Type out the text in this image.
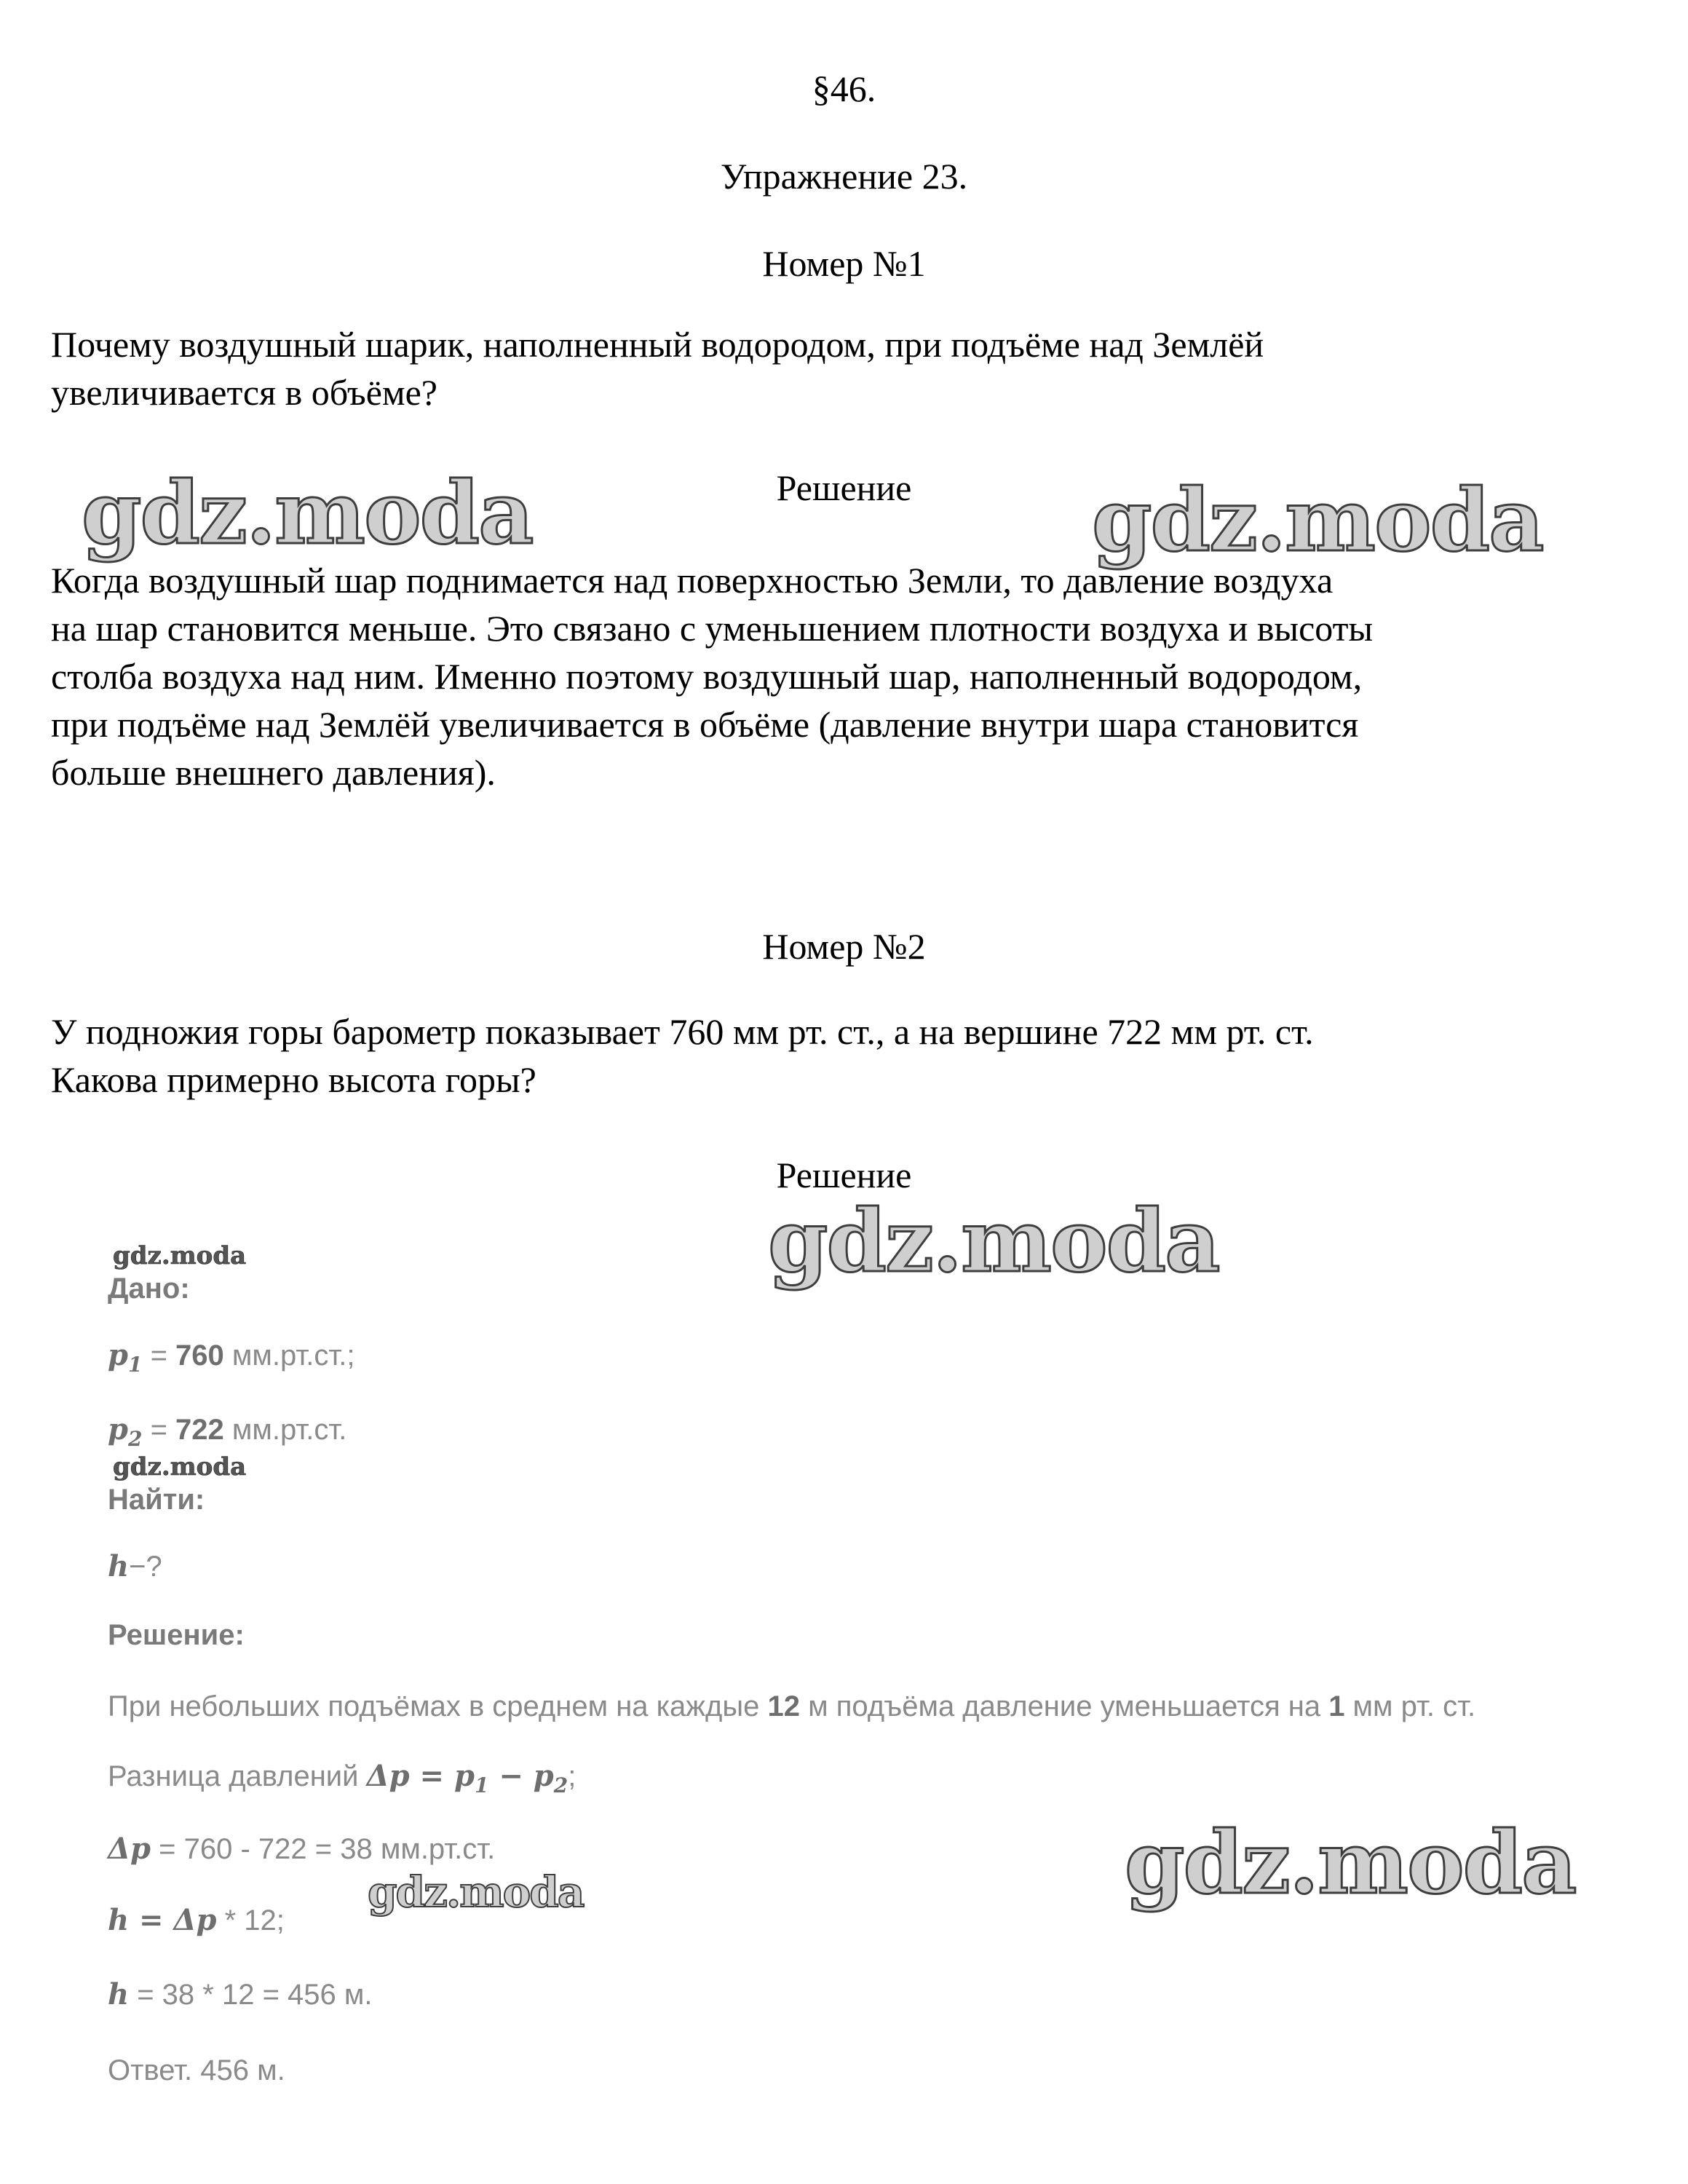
§46.
Упражнение 23.
Номер №1
Почему воздушный шарик, наполненный водородом, при подъёме над Землёй
увеличивается в объёме?
Решение
gdz.moda	gdz.moda
Когда воздушный шар поднимается над поверхностью Земли, то давление воздуха
на шар становится меньше. Это связано с уменьшением плотности воздуха и высоты
столба воздуха над ним. Именно поэтому воздушный шар, наполненный водородом,
при подъёме над Землёй увеличивается в объёме (давление внутри шара становится
больше внешнего давления).
Номер №2
У подножия горы барометр показывает 760 мм рт. ст., а на вершине 722 мм рт. ст.
Какова примерно высота горы?
Решение
gdz.moda
gdz.moda
Дано:
$p_1 = 760$ мм.рт.ст.;
$p_2 = 722$ мм.рт.ст.
gdz.moda
Найти:
h−?
Решение:
При небольших подъёмах в среднем на каждые 12 м подъёма давление уменьшается на 1 мм рт. ст.
Разница давлений $\Delta p = p_1 - p_2$;
Δp = 760 - 722 = 38 мм.рт.ст.	gdz.moda
gdz.moda
h = Δp * 12;
h = 38 * 12 = 456 м.
Ответ. 456 м.
